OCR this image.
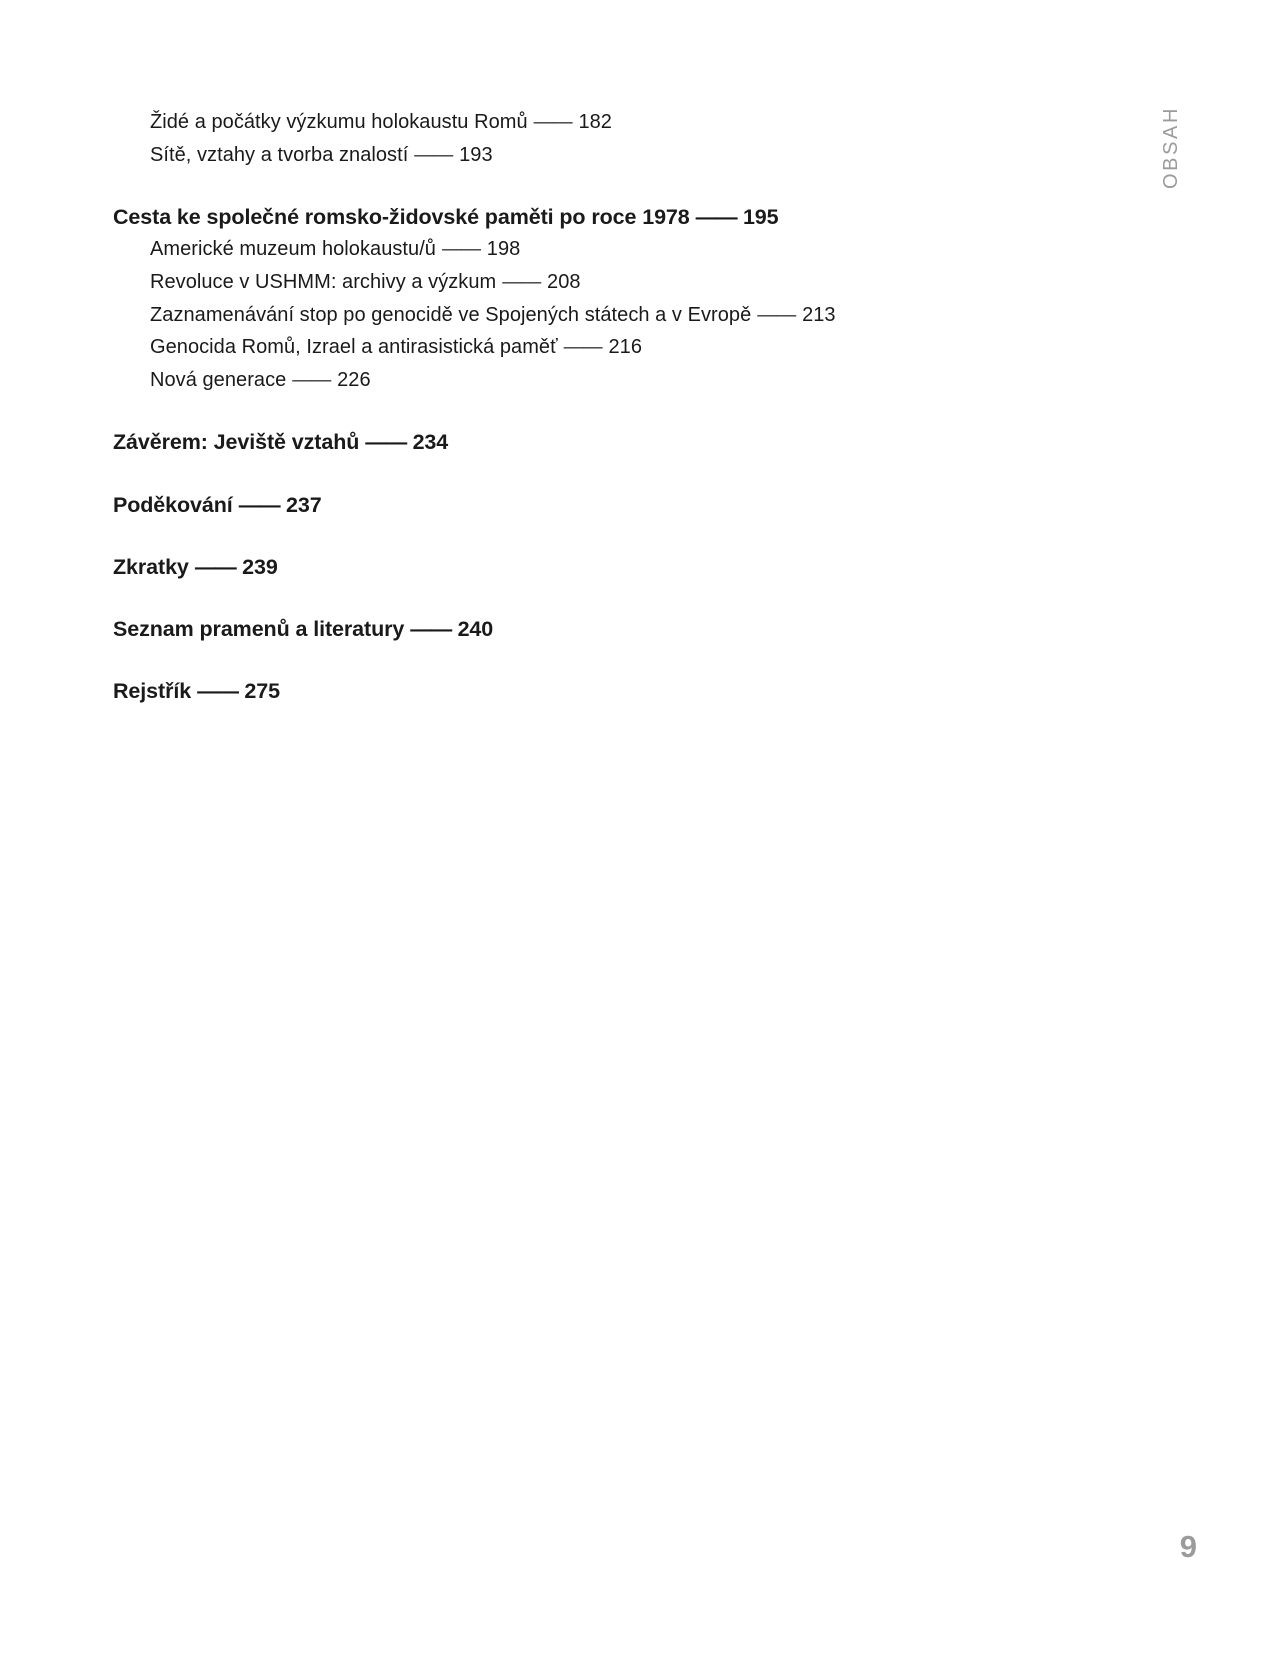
OBSAH
Židé a počátky výzkumu holokaustu Romů —— 182
Sítě, vztahy a tvorba znalostí —— 193
Cesta ke společné romsko-židovské paměti po roce 1978 —— 195
Americké muzeum holokaustu/ů —— 198
Revoluce v USHMM: archivy a výzkum —— 208
Zaznamenávání stop po genocidě ve Spojených státech a v Evropě —— 213
Genocida Romů, Izrael a antirasistická paměť —— 216
Nová generace —— 226
Závěrem: Jeviště vztahů —— 234
Poděkování —— 237
Zkratky —— 239
Seznam pramenů a literatury —— 240
Rejstřík —— 275
9
